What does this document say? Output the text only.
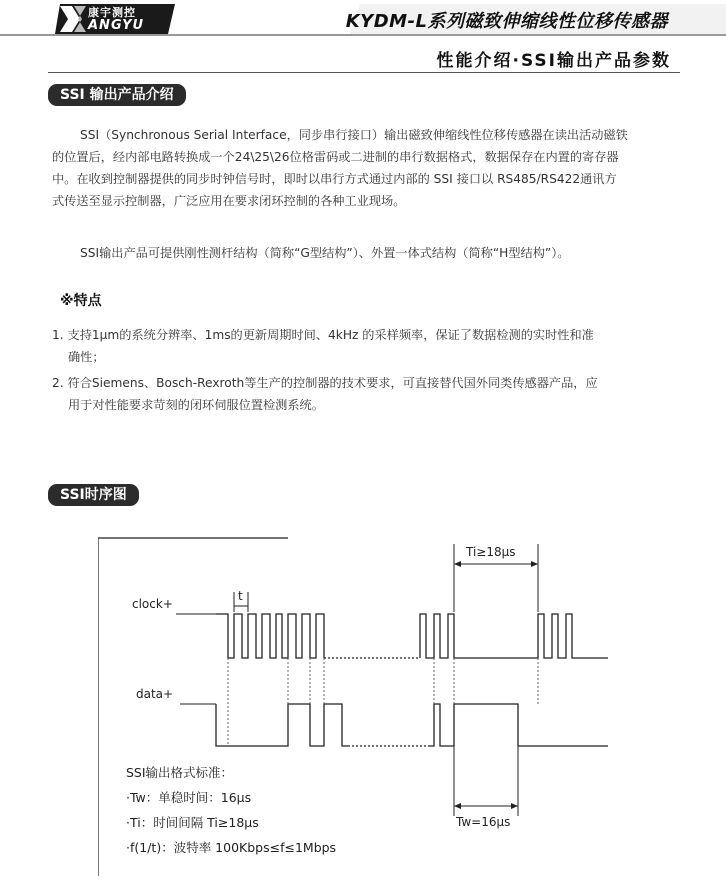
康宇测控
ANGYU	KYDM-L系列磁致伸缩线性位移传感器
性能介绍·SSI输出产品参数
SSI 输出产品介绍
SSI（Synchronous Serial Interface，同步串行接口）输出磁致伸缩线性位移传感器在读出活动磁铁
的位置后，经内部电路转换成一个24\25\26位格雷码或二进制的串行数据格式，数据保存在内置的寄存器
中。在收到控制器提供的同步时钟信号时，即时以串行方式通过内部的 SSI 接口以 RS485/RS422通讯方
式传送至显示控制器，广泛应用在要求闭环控制的各种工业现场。
SSI输出产品可提供刚性测杆结构（简称“G型结构”）、外置一体式结构（简称“H型结构”）。
※特点
1. 支持1μm的系统分辨率、1ms的更新周期时间、4kHz 的采样频率，保证了数据检测的实时性和准
确性；
2. 符合Siemens、Bosch-Rexroth等生产的控制器的技术要求，可直接替代国外同类传感器产品，应
用于对性能要求苛刻的闭环伺服位置检测系统。
SSI时序图
Ti≥18μs
t
clock+
data+
Tw=16μs
SSI输出格式标准：
·Tw：单稳时间：16μs
·Ti：时间间隔 Ti≥18μs
·f(1/t)：波特率 100Kbps≤f≤1Mbps
